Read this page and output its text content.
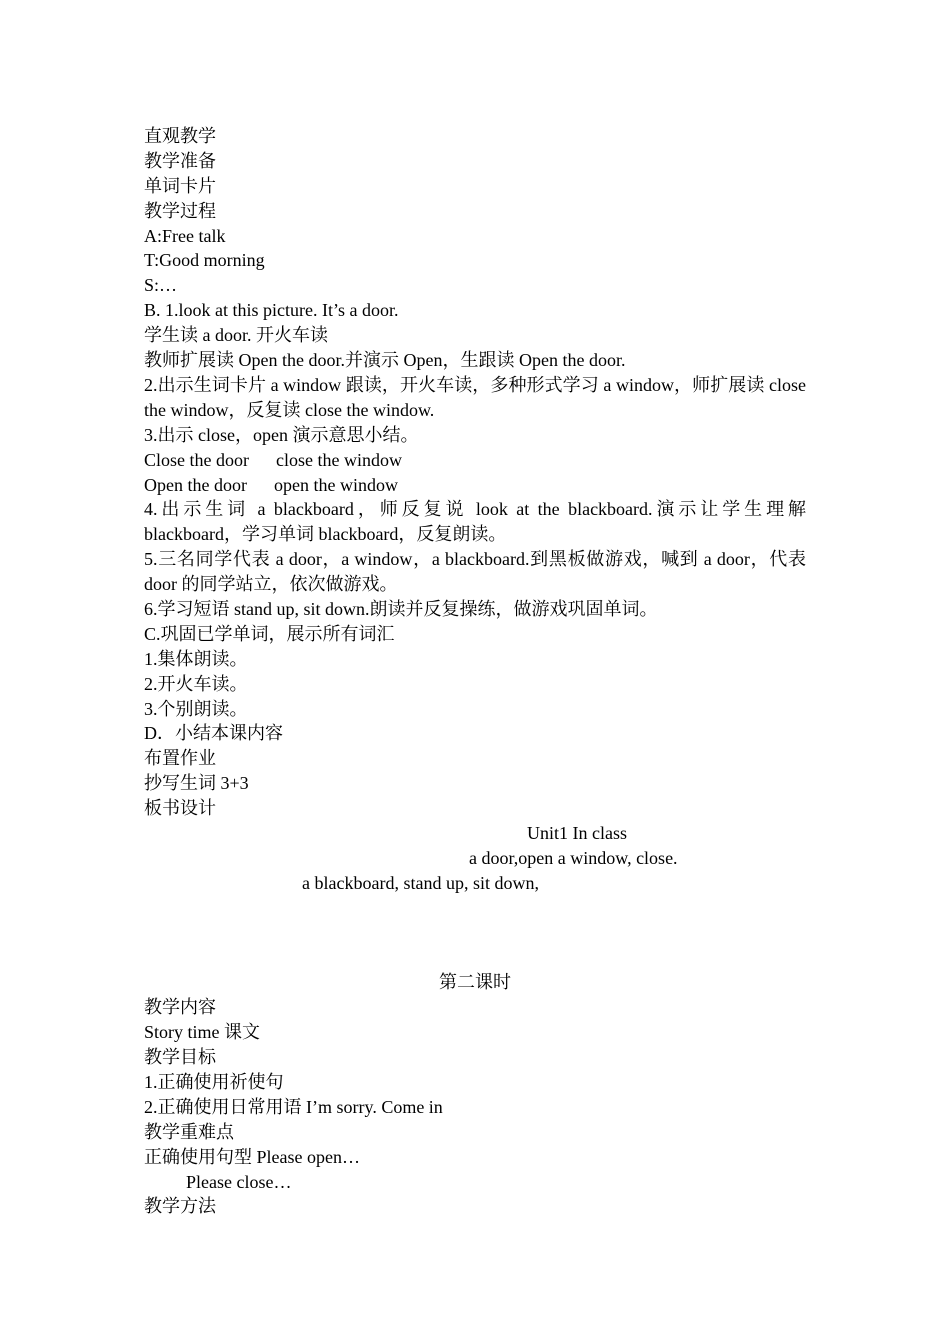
直观教学
教学准备
单词卡片
教学过程
A:Free talk
T:Good morning
S:…
B. 1.look at this picture. It’s a door.
学生读 a door. 开火车读
教师扩展读 Open the door.并演示 Open，生跟读 Open the door.
2.出示生词卡片 a window 跟读，开火车读，多种形式学习 a window，师扩展读 close the window，反复读 close the window.
3.出示 close，open 演示意思小结。
Close the door close the window
Open the door open the window
4.出示生词 a blackboard，师反复说 look at the blackboard.演示让学生理解 blackboard，学习单词 blackboard，反复朗读。
5.三名同学代表 a door，a window，a blackboard.到黑板做游戏，喊到 a door，代表 door 的同学站立，依次做游戏。
6.学习短语 stand up, sit down.朗读并反复操练，做游戏巩固单词。
C.巩固已学单词，展示所有词汇
1.集体朗读。
2.开火车读。
3.个别朗读。
D．小结本课内容
布置作业
抄写生词 3+3
板书设计
Unit1 In class
a door,open a window, close.
a blackboard, stand up, sit down,
第二课时
教学内容
Story time 课文
教学目标
1.正确使用祈使句
2.正确使用日常用语 I’m sorry. Come in
教学重难点
正确使用句型 Please open…
Please close…
教学方法
